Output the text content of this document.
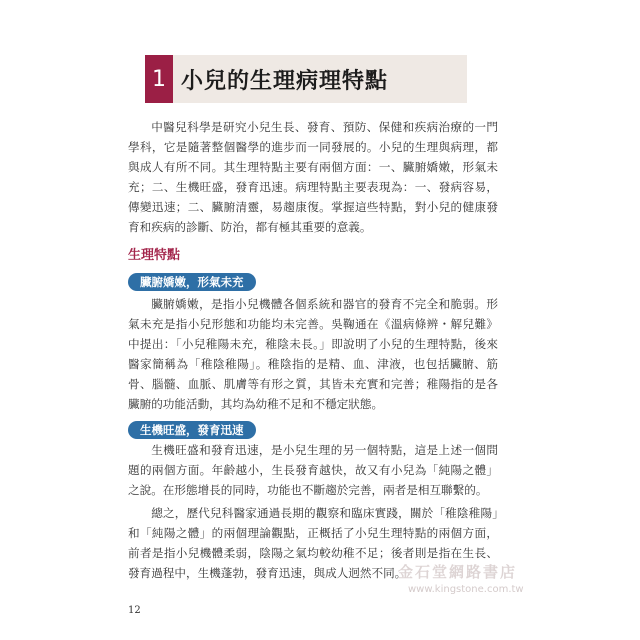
1 小兒的生理病理特點

中醫兒科學是研究小兒生長、發育、預防、保健和疾病治療的一門學科，它是隨著整個醫學的進步而一同發展的。小兒的生理與病理，都與成人有所不同。其生理特點主要有兩個方面：一、臟腑嬌嫩，形氣未充；二、生機旺盛，發育迅速。病理特點主要表現為：一、發病容易，傳變迅速；二、臟腑清靈，易趨康復。掌握這些特點，對小兒的健康發育和疾病的診斷、防治，都有極其重要的意義。

生理特點
臟腑嬌嫩，形氣未充

臟腑嬌嫩，是指小兒機體各個系統和器官的發育不完全和脆弱。形氣未充是指小兒形態和功能均未完善。吳鞠通在《溫病條辨・解兒難》中提出：「小兒稚陽未充，稚陰未長。」即說明了小兒的生理特點，後來醫家簡稱為「稚陰稚陽」。稚陰指的是精、血、津液，也包括臟腑、筋骨、腦髓、血脈、肌膚等有形之質，其皆未充實和完善；稚陽指的是各臟腑的功能活動，其均為幼稚不足和不穩定狀態。

生機旺盛，發育迅速

生機旺盛和發育迅速，是小兒生理的另一個特點，這是上述一個問題的兩個方面。年齡越小，生長發育越快，故又有小兒為「純陽之體」之說。在形態增長的同時，功能也不斷趨於完善，兩者是相互聯繫的。

總之，歷代兒科醫家通過長期的觀察和臨床實踐，關於「稚陰稚陽」和「純陽之體」的兩個理論觀點，正概括了小兒生理特點的兩個方面，前者是指小兒機體柔弱，陰陽之氣均較幼稚不足；後者則是指在生長、發育過程中，生機蓬勃，發育迅速，與成人迥然不同。

金石堂網路書店
www.kingstone.com.tw
12
